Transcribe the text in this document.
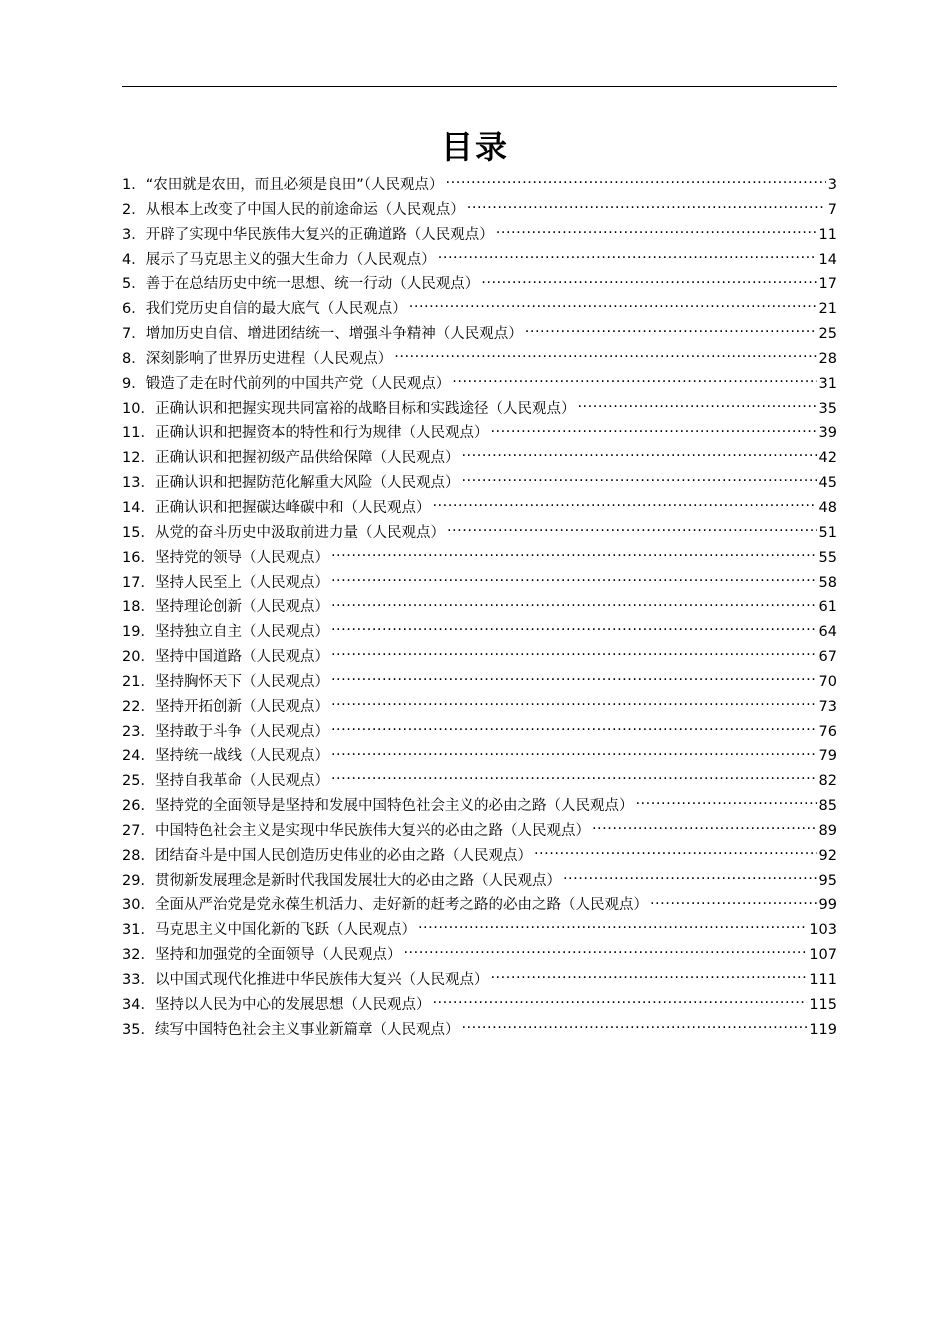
目录
1． “农田就是农田，而且必须是良田”（人民观点） .....	3
2． 从根本上改变了中国人民的前途命运（人民观点） .....	7
3． 开辟了实现中华民族伟大复兴的正确道路（人民观点） .....	11
4． 展示了马克思主义的强大生命力（人民观点） .....	14
5． 善于在总结历史中统一思想、统一行动（人民观点） .....	17
6． 我们党历史自信的最大底气（人民观点） .....	21
7． 增加历史自信、增进团结统一、增强斗争精神（人民观点） .....	25
8． 深刻影响了世界历史进程（人民观点） .....	28
9． 锻造了走在时代前列的中国共产党（人民观点） .....	31
10． 正确认识和把握实现共同富裕的战略目标和实践途径（人民观点） .....	35
11． 正确认识和把握资本的特性和行为规律（人民观点） .....	39
12． 正确认识和把握初级产品供给保障（人民观点） .....	42
13． 正确认识和把握防范化解重大风险（人民观点） .....	45
14． 正确认识和把握碳达峰碳中和（人民观点） .....	48
15． 从党的奋斗历史中汲取前进力量（人民观点） .....	51
16． 坚持党的领导（人民观点） .....	55
17． 坚持人民至上（人民观点） .....	58
18． 坚持理论创新（人民观点） .....	61
19． 坚持独立自主（人民观点） .....	64
20． 坚持中国道路（人民观点） .....	67
21． 坚持胸怀天下（人民观点） .....	70
22． 坚持开拓创新（人民观点） .....	73
23． 坚持敢于斗争（人民观点） .....	76
24． 坚持统一战线（人民观点） .....	79
25． 坚持自我革命（人民观点） .....	82
26． 坚持党的全面领导是坚持和发展中国特色社会主义的必由之路（人民观点） .....	85
27． 中国特色社会主义是实现中华民族伟大复兴的必由之路（人民观点） .....	89
28． 团结奋斗是中国人民创造历史伟业的必由之路（人民观点） .....	92
29． 贯彻新发展理念是新时代我国发展壮大的必由之路（人民观点） .....	95
30． 全面从严治党是党永葆生机活力、走好新的赶考之路的必由之路（人民观点） .....	99
31． 马克思主义中国化新的飞跃（人民观点） .....	103
32． 坚持和加强党的全面领导（人民观点） .....	107
33． 以中国式现代化推进中华民族伟大复兴（人民观点） .....	111
34． 坚持以人民为中心的发展思想（人民观点） .....	115
35． 续写中国特色社会主义事业新篇章（人民观点） .....	119
